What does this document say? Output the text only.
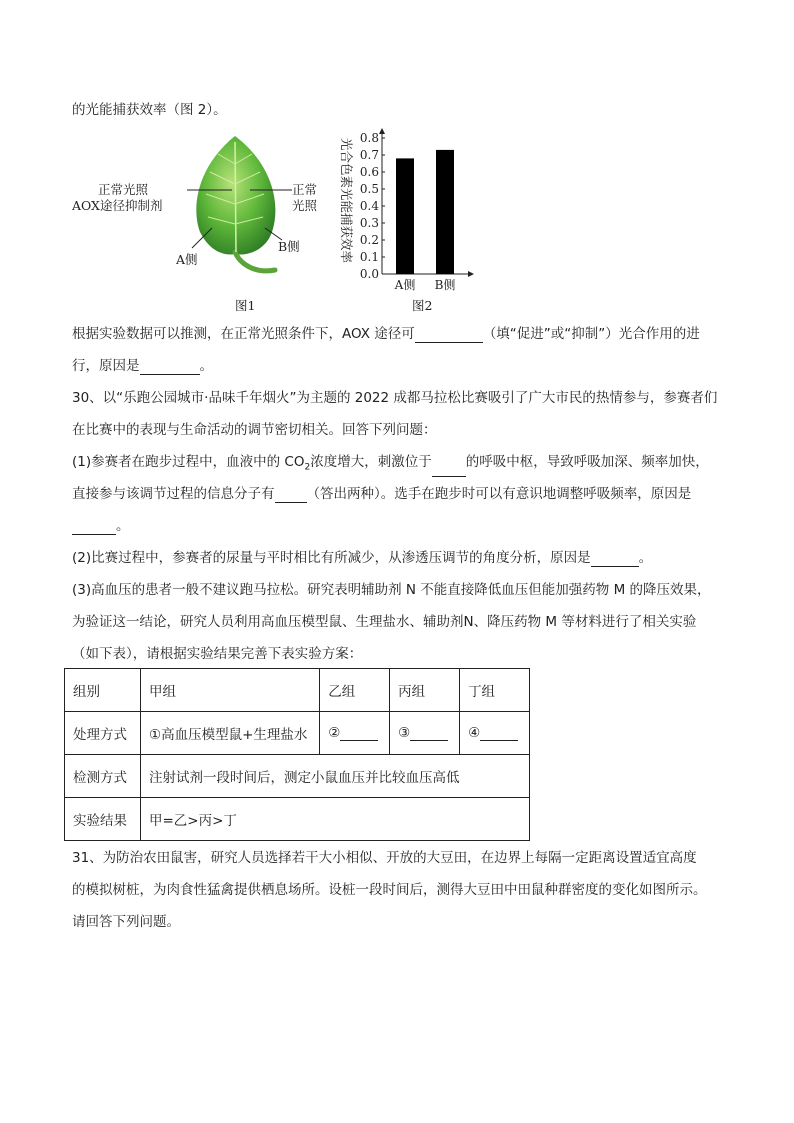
的光能捕获效率（图 2）。
正常光照
AOX途径抑制剂
正常
光照
A侧
B侧
图1
0.0
0.1
0.2
0.3
0.4
0.5
0.6
0.7
0.8
A侧 B侧
光合色素光能捕获效率
图2
根据实验数据可以推测，在正常光照条件下，AOX 途径可	（填“促进”或“抑制”）光合作用的进
行，原因是	。
30、以“乐跑公园城市·品味千年烟火”为主题的 2022 成都马拉松比赛吸引了广大市民的热情参与，参赛者们
在比赛中的表现与生命活动的调节密切相关。回答下列问题：
(1)参赛者在跑步过程中，血液中的 $CO_2$浓度增大，刺激位于	的呼吸中枢，导致呼吸加深、频率加快，
直接参与该调节过程的信息分子有 （答出两种）。选手在跑步时可以有意识地调整呼吸频率，原因是
。
(2)比赛过程中，参赛者的尿量与平时相比有所减少，从渗透压调节的角度分析，原因是	。
(3)高血压的患者一般不建议跑马拉松。研究表明辅助剂 N 不能直接降低血压但能加强药物 M 的降压效果，
为验证这一结论，研究人员利用高血压模型鼠、生理盐水、辅助剂N、降压药物 M 等材料进行了相关实验
（如下表），请根据实验结果完善下表实验方案：
组别	甲组	乙组	丙组	丁组
处理方式	①高血压模型鼠+生理盐水	②	③	④
检测方式	注射试剂一段时间后，测定小鼠血压并比较血压高低			
实验结果	甲=乙>丙>丁			
31、为防治农田鼠害，研究人员选择若干大小相似、开放的大豆田，在边界上每隔一定距离设置适宜高度
的模拟树桩，为肉食性猛禽提供栖息场所。设桩一段时间后，测得大豆田中田鼠种群密度的变化如图所示。
请回答下列问题。
